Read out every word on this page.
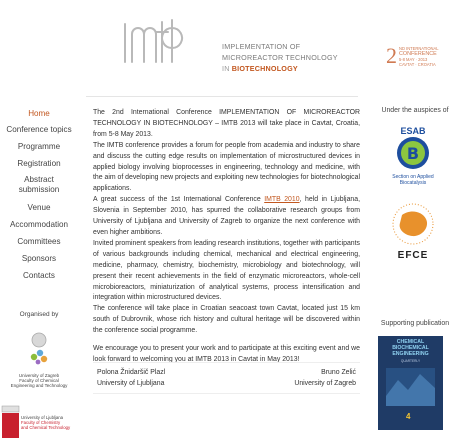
IMPLEMENTATION OF
MICROREACTOR TECHNOLOGY
IN BIOTECHNOLOGY
2 ND INTERNATIONAL
CONFERENCE
5-8 MAY · 2013
CAVTAT · CROATIA
Home
Conference topics
Programme
Registration
Abstract submission
Venue
Accommodation
Committees
Sponsors
Contacts
Organised by
University of Zagreb
Faculty of Chemical
Engineering and Technology
University of Ljubljana
Faculty of Chemistry
and Chemical Technology

The 2nd International Conference IMPLEMENTATION OF MICROREACTOR TECHNOLOGY IN BIOTECHNOLOGY – IMTB 2013 will take place in Cavtat, Croatia, from 5-8 May 2013.

The IMTB conference provides a forum for people from academia and industry to share and discuss the cutting edge results on implementation of microstructured devices in applied biology involving bioprocesses in engineering, technology and medicine, with the aim of developing new projects and exploiting new technologies for biotechnological applications.

A great success of the 1st International Conference IMTB 2010, held in Ljubljana, Slovenia in September 2010, has spurred the collaborative research groups from University of Ljubljana and University of Zagreb to organize the next conference with even higher ambitions.

Invited prominent speakers from leading research institutions, together with participants of various backgrounds including chemical, mechanical and electrical engineering, medicine, pharmacy, chemistry, biochemistry, microbiology and biotechnology, will present their recent achievements in the field of enzymatic microreactors, whole-cell microbioreactors, miniaturization of analytical systems, process intensification and integration within microstructured devices.

The conference will take place in Croatian seacoast town Cavtat, located just 15 km south of Dubrovnik, whose rich history and cultural heritage will be discovered within the conference social programme.

We encourage you to present your work and to participate at this exciting event and we look forward to welcoming you at IMTB 2013 in Cavtat in May 2013!

Polona Žnidaršič Plazl
University of Ljubljana
Bruno Zelić
University of Zagreb
Under the auspices of
ESAB
B
Section on Applied
Biocatalysis
EFCE
Supporting publication
CHEMICAL
BIOCHEMICAL
ENGINEERING
QUARTERLY
4
